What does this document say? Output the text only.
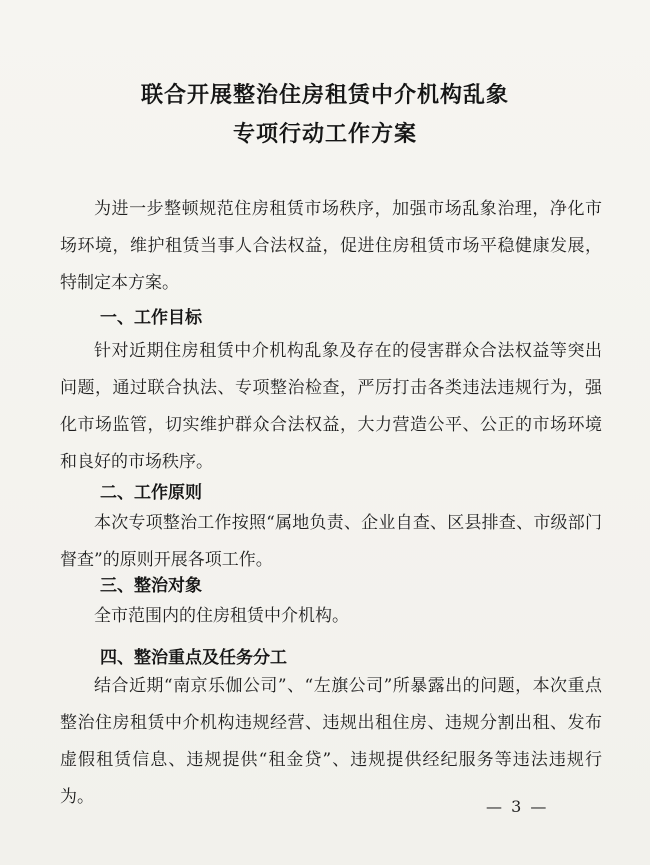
联合开展整治住房租赁中介机构乱象
专项行动工作方案

为进一步整顿规范住房租赁市场秩序，加强市场乱象治理，净化市场环境，维护租赁当事人合法权益，促进住房租赁市场平稳健康发展，特制定本方案。

一、工作目标

针对近期住房租赁中介机构乱象及存在的侵害群众合法权益等突出问题，通过联合执法、专项整治检查，严厉打击各类违法违规行为，强化市场监管，切实维护群众合法权益，大力营造公平、公正的市场环境和良好的市场秩序。

二、工作原则

本次专项整治工作按照“属地负责、企业自查、区县排查、市级部门督查”的原则开展各项工作。

三、整治对象

全市范围内的住房租赁中介机构。

四、整治重点及任务分工

结合近期“南京乐伽公司”、“左旗公司”所暴露出的问题，本次重点整治住房租赁中介机构违规经营、违规出租住房、违规分割出租、发布虚假租赁信息、违规提供“租金贷”、违规提供经纪服务等违法违规行为。	— 3 —
